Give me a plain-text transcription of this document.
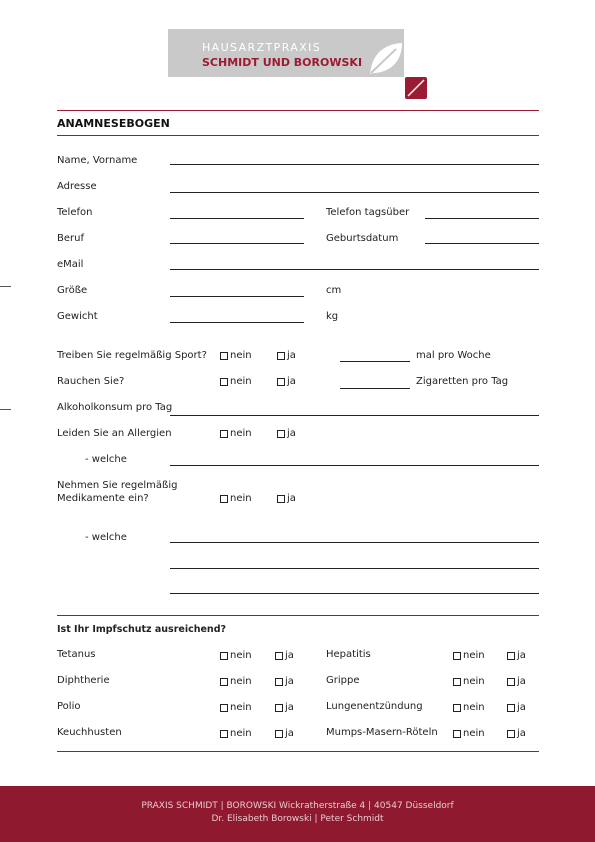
HAUSARZTPRAXIS
SCHMIDT UND BOROWSKI
ANAMNESEBOGEN
Name, Vorname
Adresse
Telefon	Telefon tagsüber
Beruf	Geburtsdatum
eMail
Größe	cm
Gewicht	kg
Treiben Sie regelmäßig Sport? nein	ja	mal pro Woche
Rauchen Sie?	nein	ja	Zigaretten pro Tag
Alkoholkonsum pro Tag
Leiden Sie an Allergien	nein	ja
- welche
Nehmen Sie regelmäßig
Medikamente ein?	nein	ja
- welche
Ist Ihr Impfschutz ausreichend?
Tetanus	nein	ja	Hepatitis	nein	ja
Diphtherie	nein	ja	Grippe	nein	ja
Polio	nein	ja	Lungenentzündung	nein	ja
Keuchhusten	nein	ja	Mumps-Masern-Röteln	nein	ja
PRAXIS SCHMIDT | BOROWSKI Wickratherstraße 4 | 40547 Düsseldorf
Dr. Elisabeth Borowski | Peter Schmidt
